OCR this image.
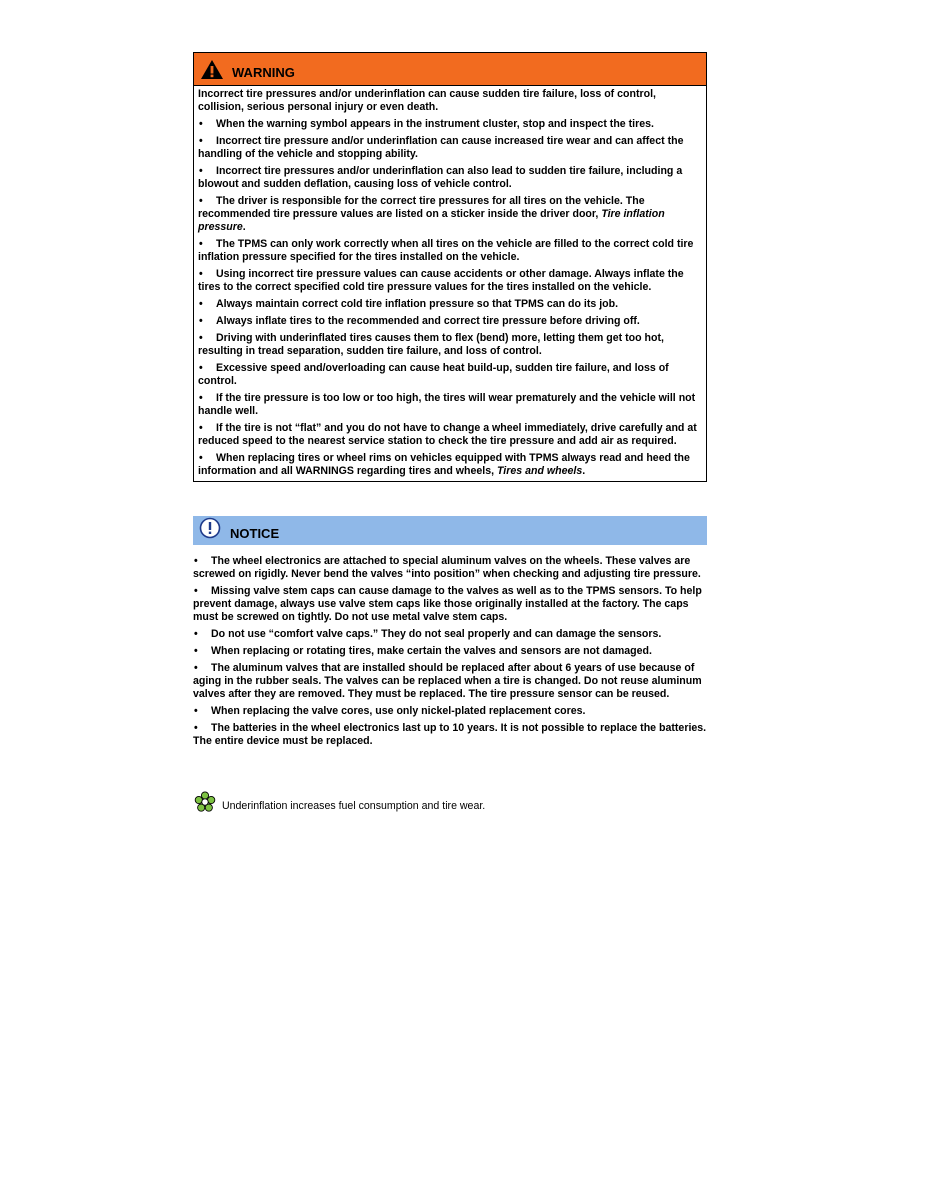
WARNING

Incorrect tire pressures and/or underinflation can cause sudden tire failure, loss of control, collision, serious personal injury or even death.

• When the warning symbol appears in the instrument cluster, stop and inspect the tires.

• Incorrect tire pressure and/or underinflation can cause increased tire wear and can affect the handling of the vehicle and stopping ability.

• Incorrect tire pressures and/or underinflation can also lead to sudden tire failure, including a blowout and sudden deflation, causing loss of vehicle control.

• The driver is responsible for the correct tire pressures for all tires on the vehicle. The recommended tire pressure values are listed on a sticker inside the driver door, Tire inflation pressure.

• The TPMS can only work correctly when all tires on the vehicle are filled to the correct cold tire inflation pressure specified for the tires installed on the vehicle.

• Using incorrect tire pressure values can cause accidents or other damage. Always inflate the tires to the correct specified cold tire pressure values for the tires installed on the vehicle.

• Always maintain correct cold tire inflation pressure so that TPMS can do its job.

• Always inflate tires to the recommended and correct tire pressure before driving off.

• Driving with underinflated tires causes them to flex (bend) more, letting them get too hot, resulting in tread separation, sudden tire failure, and loss of control.

• Excessive speed and/overloading can cause heat build-up, sudden tire failure, and loss of control.

• If the tire pressure is too low or too high, the tires will wear prematurely and the vehicle will not handle well.

• If the tire is not “flat” and you do not have to change a wheel immediately, drive carefully and at reduced speed to the nearest service station to check the tire pressure and add air as required.

• When replacing tires or wheel rims on vehicles equipped with TPMS always read and heed the information and all WARNINGS regarding tires and wheels, Tires and wheels.

NOTICE

• The wheel electronics are attached to special aluminum valves on the wheels. These valves are screwed on rigidly. Never bend the valves “into position” when checking and adjusting tire pressure.

• Missing valve stem caps can cause damage to the valves as well as to the TPMS sensors. To help prevent damage, always use valve stem caps like those originally installed at the factory. The caps must be screwed on tightly. Do not use metal valve stem caps.

• Do not use “comfort valve caps.” They do not seal properly and can damage the sensors.

• When replacing or rotating tires, make certain the valves and sensors are not damaged.

• The aluminum valves that are installed should be replaced after about 6 years of use because of aging in the rubber seals. The valves can be replaced when a tire is changed. Do not reuse aluminum valves after they are removed. They must be replaced. The tire pressure sensor can be reused.

• When replacing the valve cores, use only nickel-plated replacement cores.

• The batteries in the wheel electronics last up to 10 years. It is not possible to replace the batteries. The entire device must be replaced.

Underinflation increases fuel consumption and tire wear.
